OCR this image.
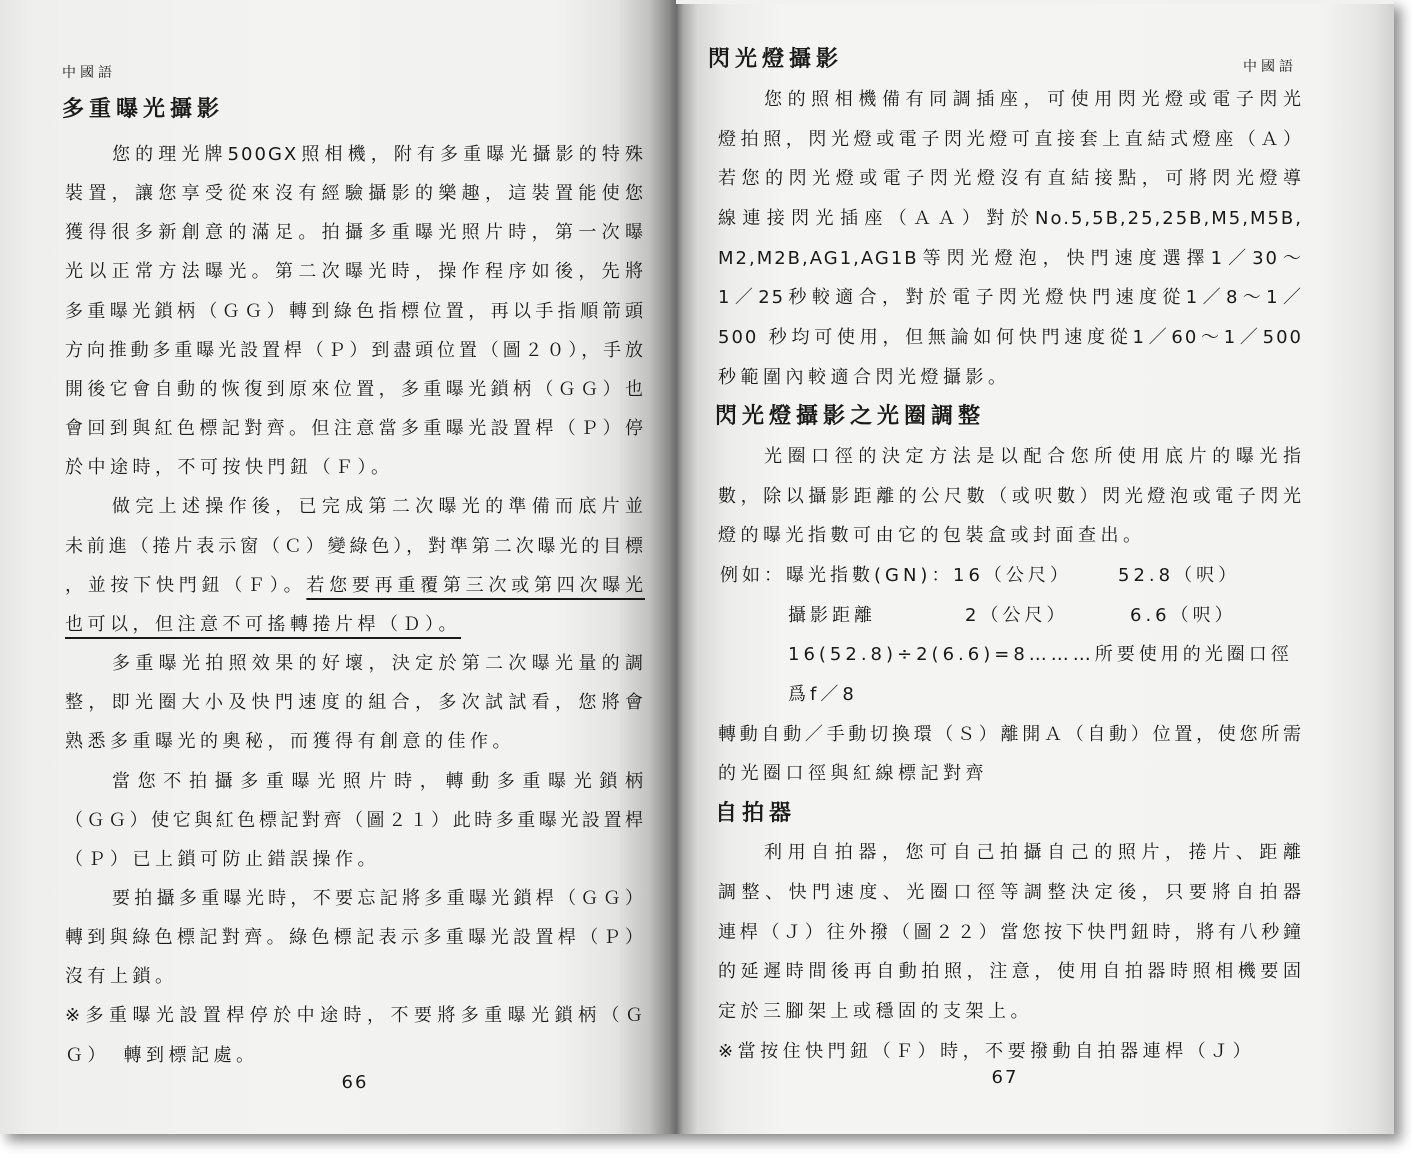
中國語
多重曝光攝影
您的理光牌500GX照相機，附有多重曝光攝影的特殊
裝置，讓您享受從來沒有經驗攝影的樂趣，這裝置能使您
獲得很多新創意的滿足。拍攝多重曝光照片時，第一次曝
光以正常方法曝光。第二次曝光時，操作程序如後，先將
多重曝光鎖柄（ＧＧ）轉到綠色指標位置，再以手指順箭頭
方向推動多重曝光設置桿（Ｐ）到盡頭位置（圖２０），手放
開後它會自動的恢復到原來位置，多重曝光鎖柄（ＧＧ）也
會回到與紅色標記對齊。但注意當多重曝光設置桿（Ｐ）停
於中途時，不可按快門鈕（Ｆ）。
做完上述操作後，已完成第二次曝光的準備而底片並
未前進（捲片表示窗（Ｃ）變綠色），對準第二次曝光的目標
，並按下快門鈕（Ｆ）。若您要再重覆第三次或第四次曝光
也可以，但注意不可搖轉捲片桿（Ｄ）。
多重曝光拍照效果的好壞，決定於第二次曝光量的調
整，即光圈大小及快門速度的組合，多次試試看，您將會
熟悉多重曝光的奧秘，而獲得有創意的佳作。
當您不拍攝多重曝光照片時，轉動多重曝光鎖柄
（ＧＧ）使它與紅色標記對齊（圖２１）此時多重曝光設置桿
（Ｐ）已上鎖可防止錯誤操作。
要拍攝多重曝光時，不要忘記將多重曝光鎖桿（ＧＧ）
轉到與綠色標記對齊。綠色標記表示多重曝光設置桿（Ｐ）
沒有上鎖。
※多重曝光設置桿停於中途時，不要將多重曝光鎖柄（Ｇ
Ｇ）　轉到標記處。
66
閃光燈攝影	中國語
您的照相機備有同調插座，可使用閃光燈或電子閃光
燈拍照，閃光燈或電子閃光燈可直接套上直結式燈座（Ａ）
若您的閃光燈或電子閃光燈沒有直結接點，可將閃光燈導
線連接閃光插座（ＡＡ）對於No.5,5B,25,25B,M5,M5B,
M2,M2B,AG1,AG1B等閃光燈泡，快門速度選擇1／30～
1／25秒較適合，對於電子閃光燈快門速度從1／8～1／
500 秒均可使用，但無論如何快門速度從1／60～1／500
秒範圍內較適合閃光燈攝影。
閃光燈攝影之光圈調整
光圈口徑的決定方法是以配合您所使用底片的曝光指
數，除以攝影距離的公尺數（或呎數）閃光燈泡或電子閃光
燈的曝光指數可由它的包裝盒或封面查出。
例如：曝光指數(GN)： 16（公尺）	52.8（呎）
攝影距離	2（公尺）	6.6（呎）
16(52.8)÷2(6.6)=8………所要使用的光圈口徑
爲f／8
轉動自動／手動切換環（Ｓ）離開Ａ（自動）位置，使您所需
的光圈口徑與紅線標記對齊
自拍器
利用自拍器，您可自己拍攝自己的照片，捲片、距離
調整、快門速度、光圈口徑等調整決定後，只要將自拍器
連桿（Ｊ）往外撥（圖２２）當您按下快門鈕時，將有八秒鐘
的延遲時間後再自動拍照，注意，使用自拍器時照相機要固
定於三腳架上或穩固的支架上。
※當按住快門鈕（Ｆ）時，不要撥動自拍器連桿（Ｊ）
67
